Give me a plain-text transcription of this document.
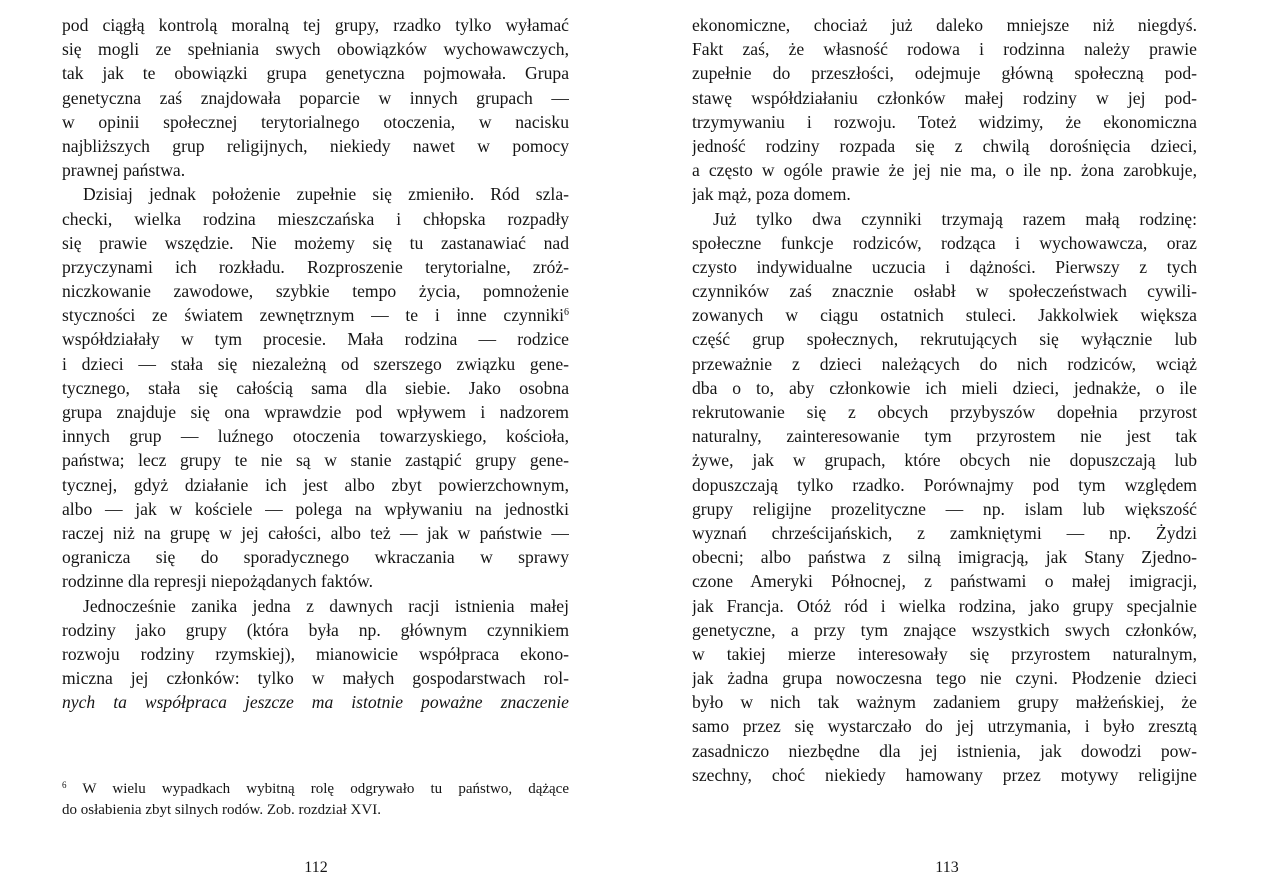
pod ciągłą kontrolą moralną tej grupy, rzadko tylko wyłamać
się mogli ze spełniania swych obowiązków wychowawczych,
tak jak te obowiązki grupa genetyczna pojmowała. Grupa
genetyczna zaś znajdowała poparcie w innych grupach —
w opinii społecznej terytorialnego otoczenia, w nacisku
najbliższych grup religijnych, niekiedy nawet w pomocy
prawnej państwa.
Dzisiaj jednak położenie zupełnie się zmieniło. Ród szla-
checki, wielka rodzina mieszczańska i chłopska rozpadły
się prawie wszędzie. Nie możemy się tu zastanawiać nad
przyczynami ich rozkładu. Rozproszenie terytorialne, zróż-
niczkowanie zawodowe, szybkie tempo życia, pomnożenie
styczności ze światem zewnętrznym — te i inne czynniki$^6$
współdziałały w tym procesie. Mała rodzina — rodzice
i dzieci — stała się niezależną od szerszego związku gene-
tycznego, stała się całością sama dla siebie. Jako osobna
grupa znajduje się ona wprawdzie pod wpływem i nadzorem
innych grup — luźnego otoczenia towarzyskiego, kościoła,
państwa; lecz grupy te nie są w stanie zastąpić grupy gene-
tycznej, gdyż działanie ich jest albo zbyt powierzchownym,
albo — jak w kościele — polega na wpływaniu na jednostki
raczej niż na grupę w jej całości, albo też — jak w państwie —
ogranicza się do sporadycznego wkraczania w sprawy
rodzinne dla represji niepożądanych faktów.
Jednocześnie zanika jedna z dawnych racji istnienia małej
rodziny jako grupy (która była np. głównym czynnikiem
rozwoju rodziny rzymskiej), mianowicie współpraca ekono-
miczna jej członków: tylko w małych gospodarstwach rol-
nych ta współpraca jeszcze ma istotnie poważne znaczenie
$^6$ W wielu wypadkach wybitną rolę odgrywało tu państwo, dążące
do osłabienia zbyt silnych rodów. Zob. rozdział XVI.
112
ekonomiczne, chociaż już daleko mniejsze niż niegdyś.
Fakt zaś, że własność rodowa i rodzinna należy prawie
zupełnie do przeszłości, odejmuje główną społeczną pod-
stawę współdziałaniu członków małej rodziny w jej pod-
trzymywaniu i rozwoju. Toteż widzimy, że ekonomiczna
jedność rodziny rozpada się z chwilą dorośnięcia dzieci,
a często w ogóle prawie że jej nie ma, o ile np. żona zarobkuje,
jak mąż, poza domem.
Już tylko dwa czynniki trzymają razem małą rodzinę:
społeczne funkcje rodziców, rodząca i wychowawcza, oraz
czysto indywidualne uczucia i dążności. Pierwszy z tych
czynników zaś znacznie osłabł w społeczeństwach cywili-
zowanych w ciągu ostatnich stuleci. Jakkolwiek większa
część grup społecznych, rekrutujących się wyłącznie lub
przeważnie z dzieci należących do nich rodziców, wciąż
dba o to, aby członkowie ich mieli dzieci, jednakże, o ile
rekrutowanie się z obcych przybyszów dopełnia przyrost
naturalny, zainteresowanie tym przyrostem nie jest tak
żywe, jak w grupach, które obcych nie dopuszczają lub
dopuszczają tylko rzadko. Porównajmy pod tym względem
grupy religijne prozelityczne — np. islam lub większość
wyznań chrześcijańskich, z zamkniętymi — np. Żydzi
obecni; albo państwa z silną imigracją, jak Stany Zjedno-
czone Ameryki Północnej, z państwami o małej imigracji,
jak Francja. Otóż ród i wielka rodzina, jako grupy specjalnie
genetyczne, a przy tym znające wszystkich swych członków,
w takiej mierze interesowały się przyrostem naturalnym,
jak żadna grupa nowoczesna tego nie czyni. Płodzenie dzieci
było w nich tak ważnym zadaniem grupy małżeńskiej, że
samo przez się wystarczało do jej utrzymania, i było zresztą
zasadniczo niezbędne dla jej istnienia, jak dowodzi pow-
szechny, choć niekiedy hamowany przez motywy religijne
113
